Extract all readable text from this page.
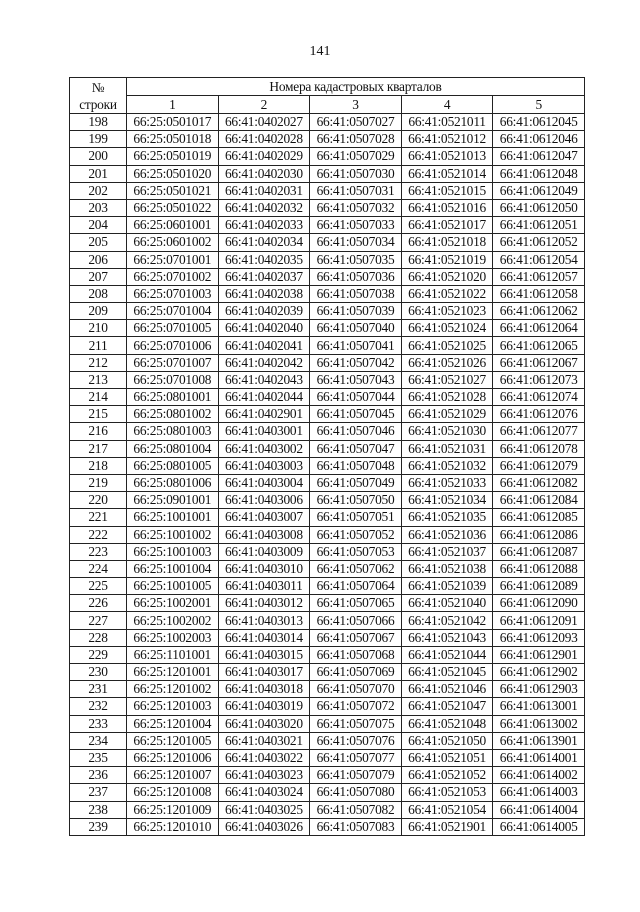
141
№
строки	Номера кадастровых кварталов				
	1	2	3	4	5
198	66:25:0501017	66:41:0402027	66:41:0507027	66:41:0521011	66:41:0612045
199	66:25:0501018	66:41:0402028	66:41:0507028	66:41:0521012	66:41:0612046
200	66:25:0501019	66:41:0402029	66:41:0507029	66:41:0521013	66:41:0612047
201	66:25:0501020	66:41:0402030	66:41:0507030	66:41:0521014	66:41:0612048
202	66:25:0501021	66:41:0402031	66:41:0507031	66:41:0521015	66:41:0612049
203	66:25:0501022	66:41:0402032	66:41:0507032	66:41:0521016	66:41:0612050
204	66:25:0601001	66:41:0402033	66:41:0507033	66:41:0521017	66:41:0612051
205	66:25:0601002	66:41:0402034	66:41:0507034	66:41:0521018	66:41:0612052
206	66:25:0701001	66:41:0402035	66:41:0507035	66:41:0521019	66:41:0612054
207	66:25:0701002	66:41:0402037	66:41:0507036	66:41:0521020	66:41:0612057
208	66:25:0701003	66:41:0402038	66:41:0507038	66:41:0521022	66:41:0612058
209	66:25:0701004	66:41:0402039	66:41:0507039	66:41:0521023	66:41:0612062
210	66:25:0701005	66:41:0402040	66:41:0507040	66:41:0521024	66:41:0612064
211	66:25:0701006	66:41:0402041	66:41:0507041	66:41:0521025	66:41:0612065
212	66:25:0701007	66:41:0402042	66:41:0507042	66:41:0521026	66:41:0612067
213	66:25:0701008	66:41:0402043	66:41:0507043	66:41:0521027	66:41:0612073
214	66:25:0801001	66:41:0402044	66:41:0507044	66:41:0521028	66:41:0612074
215	66:25:0801002	66:41:0402901	66:41:0507045	66:41:0521029	66:41:0612076
216	66:25:0801003	66:41:0403001	66:41:0507046	66:41:0521030	66:41:0612077
217	66:25:0801004	66:41:0403002	66:41:0507047	66:41:0521031	66:41:0612078
218	66:25:0801005	66:41:0403003	66:41:0507048	66:41:0521032	66:41:0612079
219	66:25:0801006	66:41:0403004	66:41:0507049	66:41:0521033	66:41:0612082
220	66:25:0901001	66:41:0403006	66:41:0507050	66:41:0521034	66:41:0612084
221	66:25:1001001	66:41:0403007	66:41:0507051	66:41:0521035	66:41:0612085
222	66:25:1001002	66:41:0403008	66:41:0507052	66:41:0521036	66:41:0612086
223	66:25:1001003	66:41:0403009	66:41:0507053	66:41:0521037	66:41:0612087
224	66:25:1001004	66:41:0403010	66:41:0507062	66:41:0521038	66:41:0612088
225	66:25:1001005	66:41:0403011	66:41:0507064	66:41:0521039	66:41:0612089
226	66:25:1002001	66:41:0403012	66:41:0507065	66:41:0521040	66:41:0612090
227	66:25:1002002	66:41:0403013	66:41:0507066	66:41:0521042	66:41:0612091
228	66:25:1002003	66:41:0403014	66:41:0507067	66:41:0521043	66:41:0612093
229	66:25:1101001	66:41:0403015	66:41:0507068	66:41:0521044	66:41:0612901
230	66:25:1201001	66:41:0403017	66:41:0507069	66:41:0521045	66:41:0612902
231	66:25:1201002	66:41:0403018	66:41:0507070	66:41:0521046	66:41:0612903
232	66:25:1201003	66:41:0403019	66:41:0507072	66:41:0521047	66:41:0613001
233	66:25:1201004	66:41:0403020	66:41:0507075	66:41:0521048	66:41:0613002
234	66:25:1201005	66:41:0403021	66:41:0507076	66:41:0521050	66:41:0613901
235	66:25:1201006	66:41:0403022	66:41:0507077	66:41:0521051	66:41:0614001
236	66:25:1201007	66:41:0403023	66:41:0507079	66:41:0521052	66:41:0614002
237	66:25:1201008	66:41:0403024	66:41:0507080	66:41:0521053	66:41:0614003
238	66:25:1201009	66:41:0403025	66:41:0507082	66:41:0521054	66:41:0614004
239	66:25:1201010	66:41:0403026	66:41:0507083	66:41:0521901	66:41:0614005
